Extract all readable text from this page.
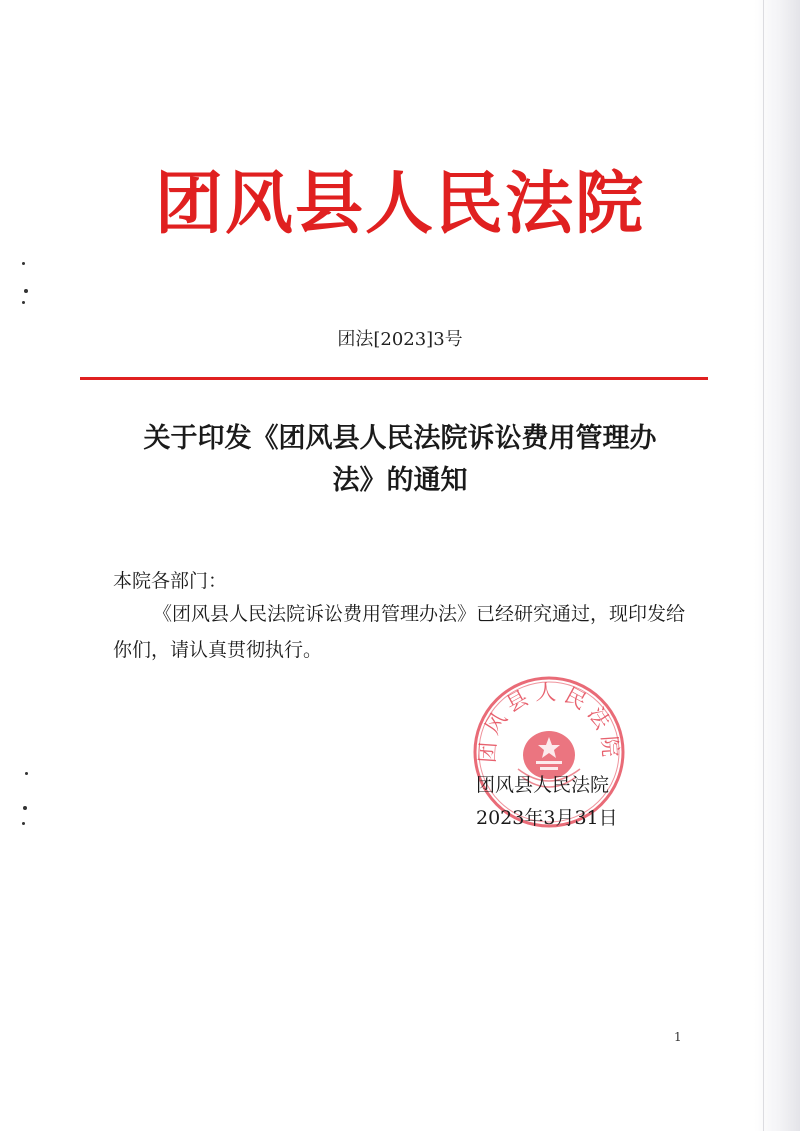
团风县人民法院
团法[2023]3号
关于印发《团风县人民法院诉讼费用管理办
法》的通知
本院各部门：
《团风县人民法院诉讼费用管理办法》已经研究通过，现印发给你们，请认真贯彻执行。
团风县人民法院
团风县人民法院
2023年3月31日
1
